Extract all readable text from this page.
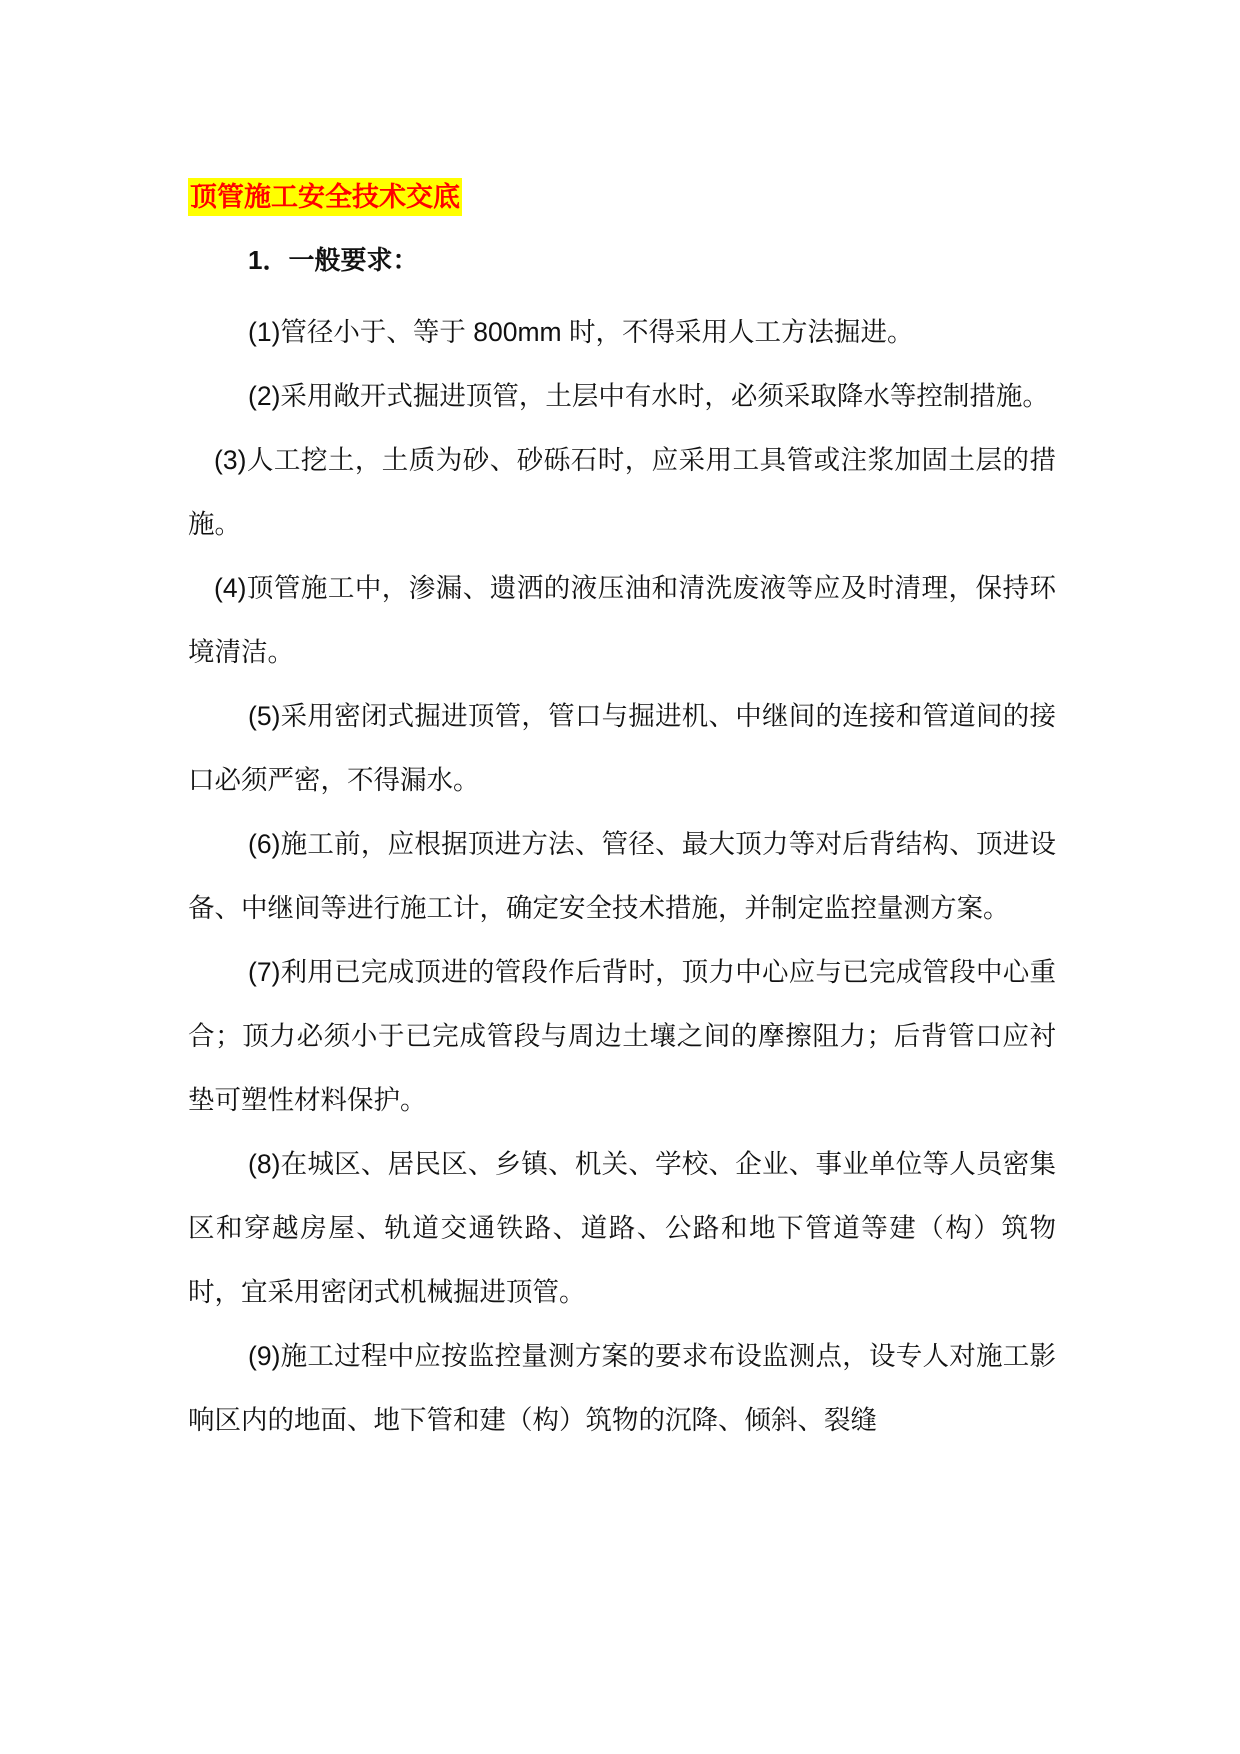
顶管施工安全技术交底
1．一般要求：

(1)管径小于、等于 800mm 时，不得采用人工方法掘进。

(2)采用敞开式掘进顶管，土层中有水时，必须采取降水等控制措施。

(3)人工挖土，土质为砂、砂砾石时，应采用工具管或注浆加固土层的措施。

(4)顶管施工中，渗漏、遗洒的液压油和清洗废液等应及时清理，保持环境清洁。

(5)采用密闭式掘进顶管，管口与掘进机、中继间的连接和管道间的接口必须严密，不得漏水。

(6)施工前，应根据顶进方法、管径、最大顶力等对后背结构、顶进设备、中继间等进行施工计，确定安全技术措施，并制定监控量测方案。

(7)利用已完成顶进的管段作后背时，顶力中心应与已完成管段中心重合；顶力必须小于已完成管段与周边土壤之间的摩擦阻力；后背管口应衬垫可塑性材料保护。

(8)在城区、居民区、乡镇、机关、学校、企业、事业单位等人员密集区和穿越房屋、轨道交通铁路、道路、公路和地下管道等建（构）筑物时，宜采用密闭式机械掘进顶管。

(9)施工过程中应按监控量测方案的要求布设监测点，设专人对施工影响区内的地面、地下管和建（构）筑物的沉降、倾斜、裂缝
